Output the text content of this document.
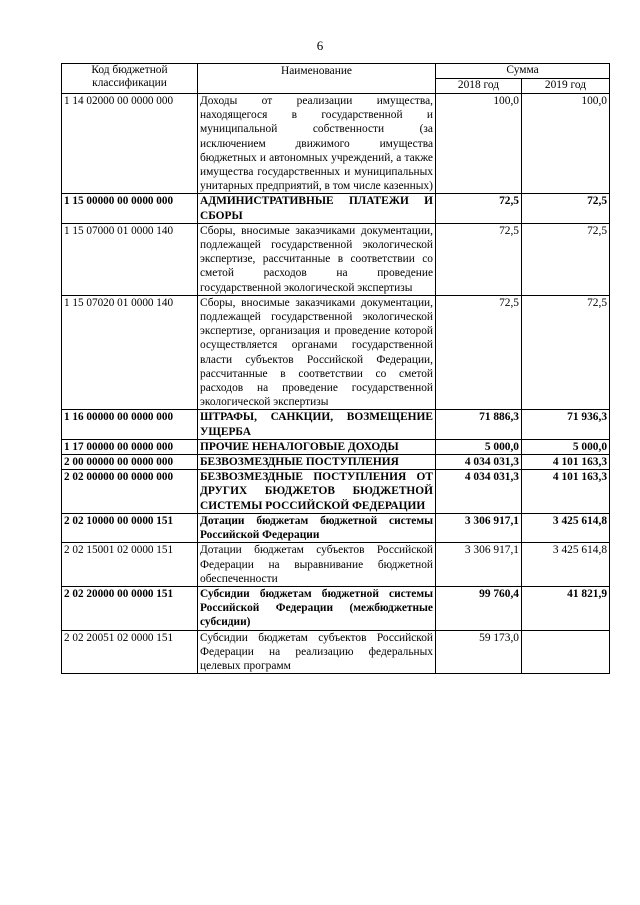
6
Код бюджетной классификации	Наименование	Сумма	
		2018 год	2019 год
1 14 02000 00 0000 000	Доходы от реализации имущества, находящегося в государственной и муниципальной собственности (за исключением движимого имущества бюджетных и автономных учреждений, а также имущества государственных и муниципальных унитарных предприятий, в том числе казенных)	100,0	100,0
1 15 00000 00 0000 000	АДМИНИСТРАТИВНЫЕ ПЛАТЕЖИ И СБОРЫ	72,5	72,5
1 15 07000 01 0000 140	Сборы, вносимые заказчиками документации, подлежащей государственной экологической экспертизе, рассчитанные в соответствии со сметой расходов на проведение государственной экологической экспертизы	72,5	72,5
1 15 07020 01 0000 140	Сборы, вносимые заказчиками документации, подлежащей государственной экологической экспертизе, организация и проведение которой осуществляется органами государственной власти субъектов Российской Федерации, рассчитанные в соответствии со сметой расходов на проведение государственной экологической экспертизы	72,5	72,5
1 16 00000 00 0000 000	ШТРАФЫ, САНКЦИИ, ВОЗМЕЩЕНИЕ УЩЕРБА	71 886,3	71 936,3
1 17 00000 00 0000 000	ПРОЧИЕ НЕНАЛОГОВЫЕ ДОХОДЫ	5 000,0	5 000,0
2 00 00000 00 0000 000	БЕЗВОЗМЕЗДНЫЕ ПОСТУПЛЕНИЯ	4 034 031,3	4 101 163,3
2 02 00000 00 0000 000	БЕЗВОЗМЕЗДНЫЕ ПОСТУПЛЕНИЯ ОТ ДРУГИХ БЮДЖЕТОВ БЮДЖЕТНОЙ СИСТЕМЫ РОССИЙСКОЙ ФЕДЕРАЦИИ	4 034 031,3	4 101 163,3
2 02 10000 00 0000 151	Дотации бюджетам бюджетной системы Российской Федерации	3 306 917,1	3 425 614,8
2 02 15001 02 0000 151	Дотации бюджетам субъектов Российской Федерации на выравнивание бюджетной обеспеченности	3 306 917,1	3 425 614,8
2 02 20000 00 0000 151	Субсидии бюджетам бюджетной системы Российской Федерации (межбюджетные субсидии)	99 760,4	41 821,9
2 02 20051 02 0000 151	Субсидии бюджетам субъектов Российской Федерации на реализацию федеральных целевых программ	59 173,0	
